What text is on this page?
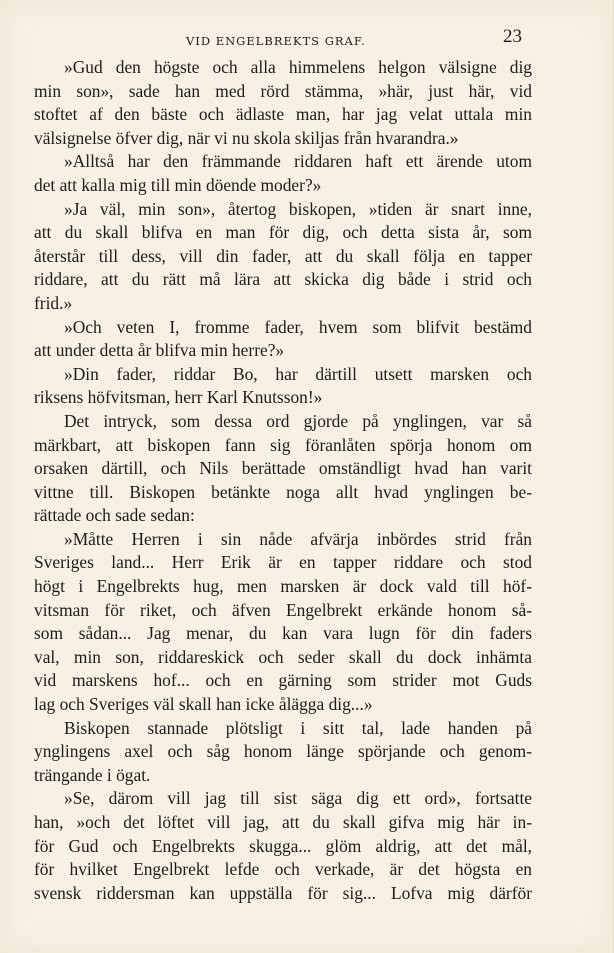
VID ENGELBREKTS GRAF.	23
»Gud den högste och alla himmelens helgon välsigne dig
min son», sade han med rörd stämma, »här, just här, vid
stoftet af den bäste och ädlaste man, har jag velat uttala min
välsignelse öfver dig, när vi nu skola skiljas från hvarandra.»
»Alltså har den främmande riddaren haft ett ärende utom
det att kalla mig till min döende moder?»
»Ja väl, min son», återtog biskopen, »tiden är snart inne,
att du skall blifva en man för dig, och detta sista år, som
återstår till dess, vill din fader, att du skall följa en tapper
riddare, att du rätt må lära att skicka dig både i strid och
frid.»
»Och veten I, fromme fader, hvem som blifvit bestämd
att under detta år blifva min herre?»
»Din fader, riddar Bo, har därtill utsett marsken och
riksens höfvitsman, herr Karl Knutsson!»
Det intryck, som dessa ord gjorde på ynglingen, var så
märkbart, att biskopen fann sig föranlåten spörja honom om
orsaken därtill, och Nils berättade omständligt hvad han varit
vittne till. Biskopen betänkte noga allt hvad ynglingen be-
rättade och sade sedan:
»Måtte Herren i sin nåde afvärja inbördes strid från
Sveriges land... Herr Erik är en tapper riddare och stod
högt i Engelbrekts hug, men marsken är dock vald till höf-
vitsman för riket, och äfven Engelbrekt erkände honom så-
som sådan... Jag menar, du kan vara lugn för din faders
val, min son, riddareskick och seder skall du dock inhämta
vid marskens hof... och en gärning som strider mot Guds
lag och Sveriges väl skall han icke ålägga dig...»
Biskopen stannade plötsligt i sitt tal, lade handen på
ynglingens axel och såg honom länge spörjande och genom-
trängande i ögat.
»Se, därom vill jag till sist säga dig ett ord», fortsatte
han, »och det löftet vill jag, att du skall gifva mig här in-
för Gud och Engelbrekts skugga... glöm aldrig, att det mål,
för hvilket Engelbrekt lefde och verkade, är det högsta en
svensk riddersman kan uppställa för sig... Lofva mig därför
